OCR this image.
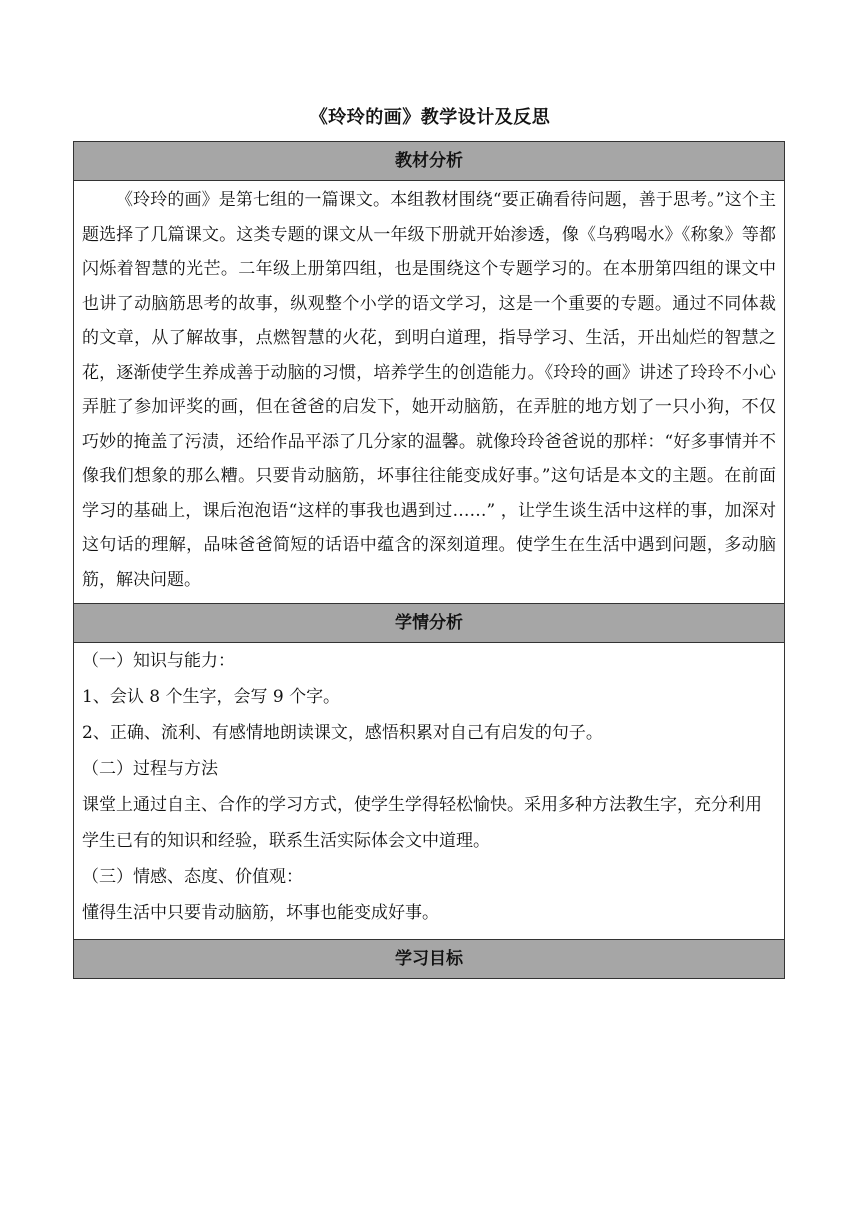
《玲玲的画》教学设计及反思
教材分析

《玲玲的画》是第七组的一篇课文。本组教材围绕“要正确看待问题，善于思考。”这个主题选择了几篇课文。这类专题的课文从一年级下册就开始渗透，像《乌鸦喝水》《称象》等都闪烁着智慧的光芒。二年级上册第四组，也是围绕这个专题学习的。在本册第四组的课文中也讲了动脑筋思考的故事，纵观整个小学的语文学习，这是一个重要的专题。通过不同体裁的文章，从了解故事，点燃智慧的火花，到明白道理，指导学习、生活，开出灿烂的智慧之花，逐渐使学生养成善于动脑的习惯，培养学生的创造能力。《玲玲的画》讲述了玲玲不小心弄脏了参加评奖的画，但在爸爸的启发下，她开动脑筋，在弄脏的地方划了一只小狗，不仅巧妙的掩盖了污渍，还给作品平添了几分家的温馨。就像玲玲爸爸说的那样：“好多事情并不像我们想象的那么糟。只要肯动脑筋，坏事往往能变成好事。”这句话是本文的主题。在前面学习的基础上，课后泡泡语“这样的事我也遇到过……” ，让学生谈生活中这样的事，加深对这句话的理解，品味爸爸简短的话语中蕴含的深刻道理。使学生在生活中遇到问题，多动脑筋，解决问题。

学情分析

（一）知识与能力：

1、会认 8 个生字，会写 9 个字。

2、正确、流利、有感情地朗读课文，感悟积累对自己有启发的句子。

（二）过程与方法

课堂上通过自主、合作的学习方式，使学生学得轻松愉快。采用多种方法教生字，充分利用学生已有的知识和经验，联系生活实际体会文中道理。

（三）情感、态度、价值观：

懂得生活中只要肯动脑筋，坏事也能变成好事。

学习目标
